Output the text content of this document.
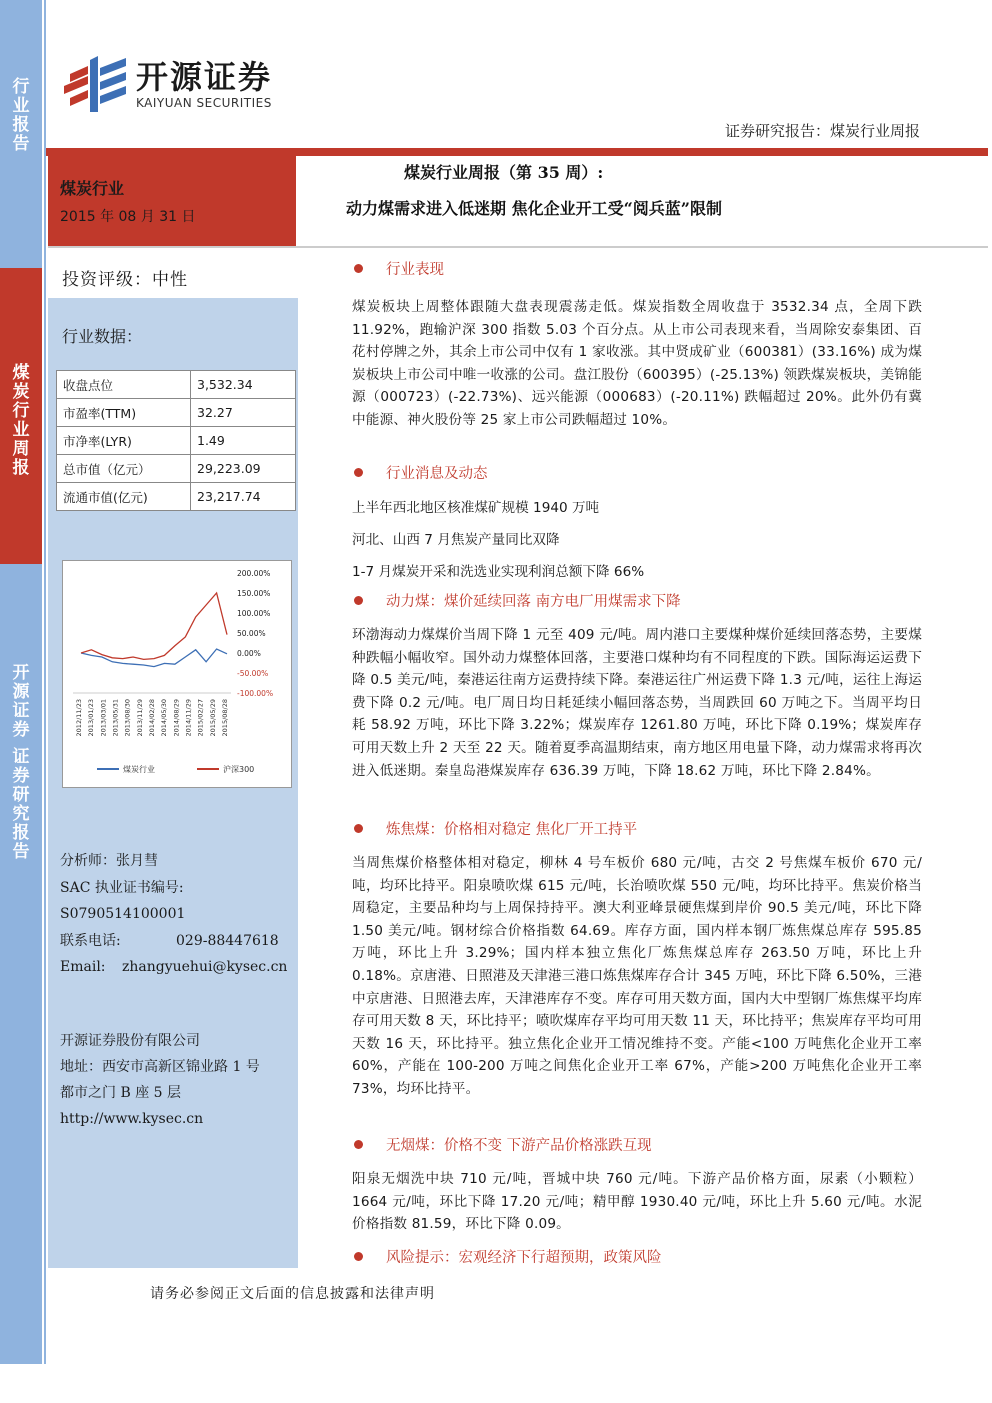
行
业
报
告
煤
炭
行
业
周
报
开
源
证
券

证
券
研
究
报
告
开源证券
KAIYUAN SECURITIES
证券研究报告：煤炭行业周报
煤炭行业
2015 年 08 月 31 日
煤炭行业周报（第 35 周）:
动力煤需求进入低迷期 焦化企业开工受“阅兵蓝”限制
投资评级：中性
行业数据：
收盘点位	3,532.34
市盈率(TTM)	32.27
市净率(LYR)	1.49
总市值（亿元）	29,223.09
流通市值(亿元)	23,217.74
200.00%
150.00%
100.00%
50.00%
0.00%
-50.00%
-100.00%
2012/11/23 2013/01/23 2013/03/01 2013/05/31 2013/08/30 2013/11/29 2014/02/28 2014/05/30 2014/08/29 2014/11/29 2015/02/27 2015/05/29 2015/08/28
煤炭行业	沪深300
分析师：张月彗
SAC 执业证书编号:
S0790514100001
联系电话:	029-88447618
Email: zhangyuehui@kysec.cn
开源证券股份有限公司
地址：西安市高新区锦业路 1 号
都市之门 B 座 5 层
http://www.kysec.cn
行业表现
煤炭板块上周整体跟随大盘表现震荡走低。煤炭指数全周收盘于 3532.34 点，全周下跌 11.92%，跑输沪深 300 指数 5.03 个百分点。从上市公司表现来看，当周除安泰集团、百花村停牌之外，其余上市公司中仅有 1 家收涨。其中贤成矿业（600381）(33.16%) 成为煤炭板块上市公司中唯一收涨的公司。盘江股份（600395）(-25.13%) 领跌煤炭板块，美锦能源（000723）(-22.73%)、远兴能源（000683）(-20.11%) 跌幅超过 20%。此外仍有冀中能源、神火股份等 25 家上市公司跌幅超过 10%。
行业消息及动态
上半年西北地区核准煤矿规模 1940 万吨
河北、山西 7 月焦炭产量同比双降
1-7 月煤炭开采和洗选业实现利润总额下降 66%
动力煤：煤价延续回落 南方电厂用煤需求下降
环渤海动力煤煤价当周下降 1 元至 409 元/吨。周内港口主要煤种煤价延续回落态势，主要煤种跌幅小幅收窄。国外动力煤整体回落，主要港口煤种均有不同程度的下跌。国际海运运费下降 0.5 美元/吨，秦港运往南方运费持续下降。秦港运往广州运费下降 1.3 元/吨，运往上海运费下降 0.2 元/吨。电厂周日均日耗延续小幅回落态势，当周跌回 60 万吨之下。当周平均日耗 58.92 万吨，环比下降 3.22%；煤炭库存 1261.80 万吨，环比下降 0.19%；煤炭库存可用天数上升 2 天至 22 天。随着夏季高温期结束，南方地区用电量下降，动力煤需求将再次进入低迷期。秦皇岛港煤炭库存 636.39 万吨，下降 18.62 万吨，环比下降 2.84%。
炼焦煤：价格相对稳定 焦化厂开工持平
当周焦煤价格整体相对稳定，柳林 4 号车板价 680 元/吨，古交 2 号焦煤车板价 670 元/吨，均环比持平。阳泉喷吹煤 615 元/吨，长治喷吹煤 550 元/吨，均环比持平。焦炭价格当周稳定，主要品种均与上周保持持平。澳大利亚峰景硬焦煤到岸价 90.5 美元/吨，环比下降 1.50 美元/吨。钢材综合价格指数 64.69。库存方面，国内样本钢厂炼焦煤总库存 595.85 万吨，环比上升 3.29%；国内样本独立焦化厂炼焦煤总库存 263.50 万吨，环比上升 0.18%。京唐港、日照港及天津港三港口炼焦煤库存合计 345 万吨，环比下降 6.50%，三港中京唐港、日照港去库，天津港库存不变。库存可用天数方面，国内大中型钢厂炼焦煤平均库存可用天数 8 天，环比持平；喷吹煤库存平均可用天数 11 天，环比持平；焦炭库存平均可用天数 16 天，环比持平。独立焦化企业开工情况维持不变。产能<100 万吨焦化企业开工率 60%，产能在 100-200 万吨之间焦化企业开工率 67%，产能>200 万吨焦化企业开工率 73%，均环比持平。
无烟煤：价格不变 下游产品价格涨跌互现
阳泉无烟洗中块 710 元/吨，晋城中块 760 元/吨。下游产品价格方面，尿素（小颗粒）1664 元/吨，环比下降 17.20 元/吨；精甲醇 1930.40 元/吨，环比上升 5.60 元/吨。水泥价格指数 81.59，环比下降 0.09。
风险提示：宏观经济下行超预期，政策风险
请务必参阅正文后面的信息披露和法律声明
